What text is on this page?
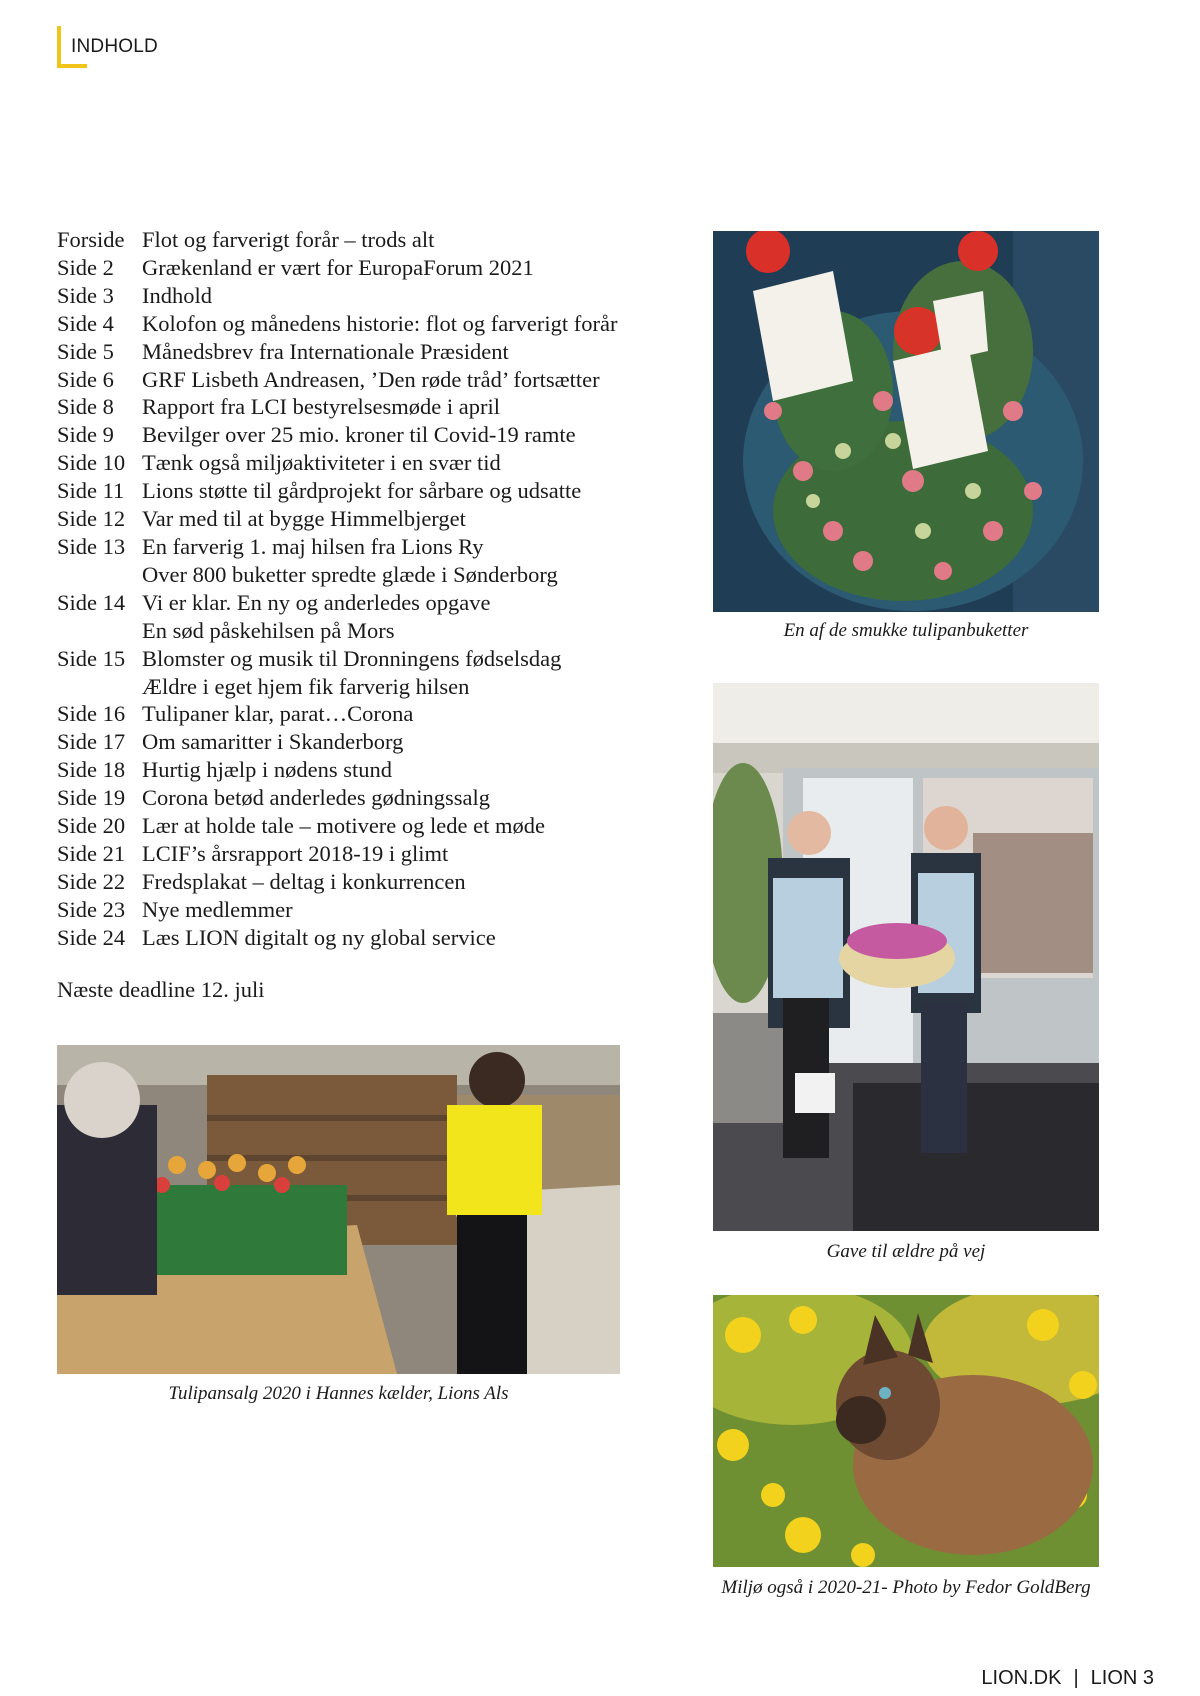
INDHOLD
Forside Flot og farverigt forår – trods alt
Side 2	Grækenland er vært for EuropaForum 2021
Side 3	Indhold
Side 4	Kolofon og månedens historie: flot og farverigt forår
Side 5	Månedsbrev fra Internationale Præsident
Side 6	GRF Lisbeth Andreasen, ’Den røde tråd’ fortsætter
Side 8	Rapport fra LCI bestyrelsesmøde i april
Side 9	Bevilger over 25 mio. kroner til Covid-19 ramte
Side 10 Tænk også miljøaktiviteter i en svær tid
Side 11 Lions støtte til gårdprojekt for sårbare og udsatte
Side 12 Var med til at bygge Himmelbjerget
Side 13 En farverig 1. maj hilsen fra Lions Ry
Over 800 buketter spredte glæde i Sønderborg
Side 14 Vi er klar. En ny og anderledes opgave
En sød påskehilsen på Mors
Side 15 Blomster og musik til Dronningens fødselsdag
Ældre i eget hjem fik farverig hilsen
Side 16 Tulipaner klar, parat…Corona
Side 17 Om samaritter i Skanderborg
Side 18 Hurtig hjælp i nødens stund
Side 19 Corona betød anderledes gødningssalg
Side 20 Lær at holde tale – motivere og lede et møde
Side 21 LCIF’s årsrapport 2018-19 i glimt
Side 22 Fredsplakat – deltag i konkurrencen
Side 23 Nye medlemmer
Side 24 Læs LION digitalt og ny global service
Næste deadline 12. juli
En af de smukke tulipanbuketter
Gave til ældre på vej
Tulipansalg 2020 i Hannes kælder, Lions Als
Miljø også i 2020-21- Photo by Fedor GoldBerg
LION.DK | LION 3
